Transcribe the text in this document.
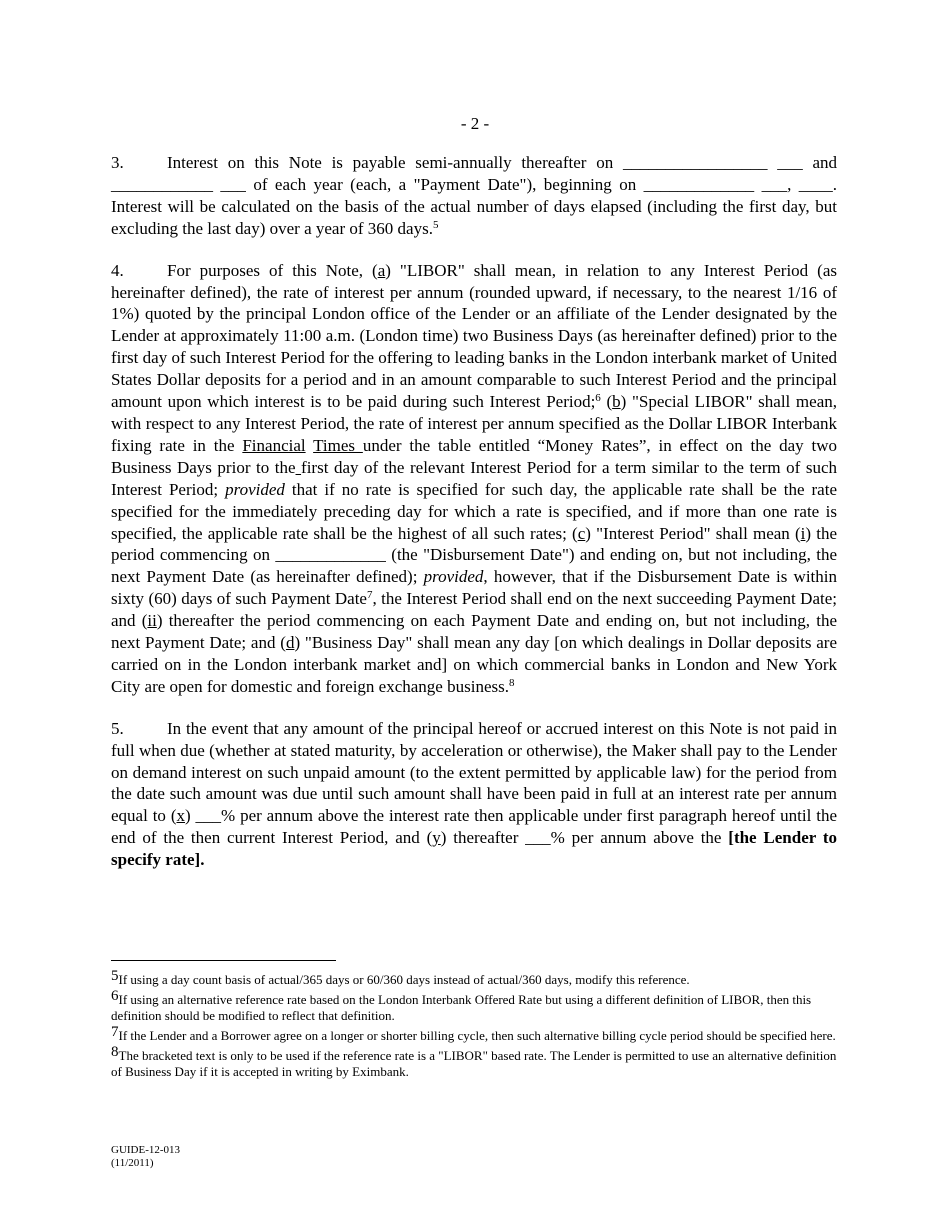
- 2 -

3.	Interest on this Note is payable semi-annually thereafter on _________________ ___ and ____________ ___ of each year (each, a "Payment Date"), beginning on _____________ ___, ____. Interest will be calculated on the basis of the actual number of days elapsed (including the first day, but excluding the last day) over a year of 360 days.$^5$

4.	For purposes of this Note, (a) "LIBOR" shall mean, in relation to any Interest Period (as hereinafter defined), the rate of interest per annum (rounded upward, if necessary, to the nearest 1/16 of 1%) quoted by the principal London office of the Lender or an affiliate of the Lender designated by the Lender at approximately 11:00 a.m. (London time) two Business Days (as hereinafter defined) prior to the first day of such Interest Period for the offering to leading banks in the London interbank market of United States Dollar deposits for a period and in an amount comparable to such Interest Period and the principal amount upon which interest is to be paid during such Interest Period;$^6$ (b) "Special LIBOR" shall mean, with respect to any Interest Period, the rate of interest per annum specified as the Dollar LIBOR Interbank fixing rate in the Financial Times under the table entitled “Money Rates”, in effect on the day two Business Days prior to the first day of the relevant Interest Period for a term similar to the term of such Interest Period; provided that if no rate is specified for such day, the applicable rate shall be the rate specified for the immediately preceding day for which a rate is specified, and if more than one rate is specified, the applicable rate shall be the highest of all such rates; (c) "Interest Period" shall mean (i) the period commencing on _____________ (the "Disbursement Date") and ending on, but not including, the next Payment Date (as hereinafter defined); provided, however, that if the Disbursement Date is within sixty (60) days of such Payment Date$^7$, the Interest Period shall end on the next succeeding Payment Date; and (ii) thereafter the period commencing on each Payment Date and ending on, but not including, the next Payment Date; and (d) "Business Day" shall mean any day [on which dealings in Dollar deposits are carried on in the London interbank market and] on which commercial banks in London and New York City are open for domestic and foreign exchange business.$^8$

5.	In the event that any amount of the principal hereof or accrued interest on this Note is not paid in full when due (whether at stated maturity, by acceleration or otherwise), the Maker shall pay to the Lender on demand interest on such unpaid amount (to the extent permitted by applicable law) for the period from the date such amount was due until such amount shall have been paid in full at an interest rate per annum equal to (x) ___% per annum above the interest rate then applicable under first paragraph hereof until the end of the then current Interest Period, and (y) thereafter ___% per annum above the [the Lender to specify rate].

5If using a day count basis of actual/365 days or 60/360 days instead of actual/360 days, modify this reference.

6If using an alternative reference rate based on the London Interbank Offered Rate but using a different definition of LIBOR, then this definition should be modified to reflect that definition.

7If the Lender and a Borrower agree on a longer or shorter billing cycle, then such alternative billing cycle period should be specified here.

8The bracketed text is only to be used if the reference rate is a "LIBOR" based rate. The Lender is permitted to use an alternative definition of Business Day if it is accepted in writing by Eximbank.

GUIDE-12-013
(11/2011)
